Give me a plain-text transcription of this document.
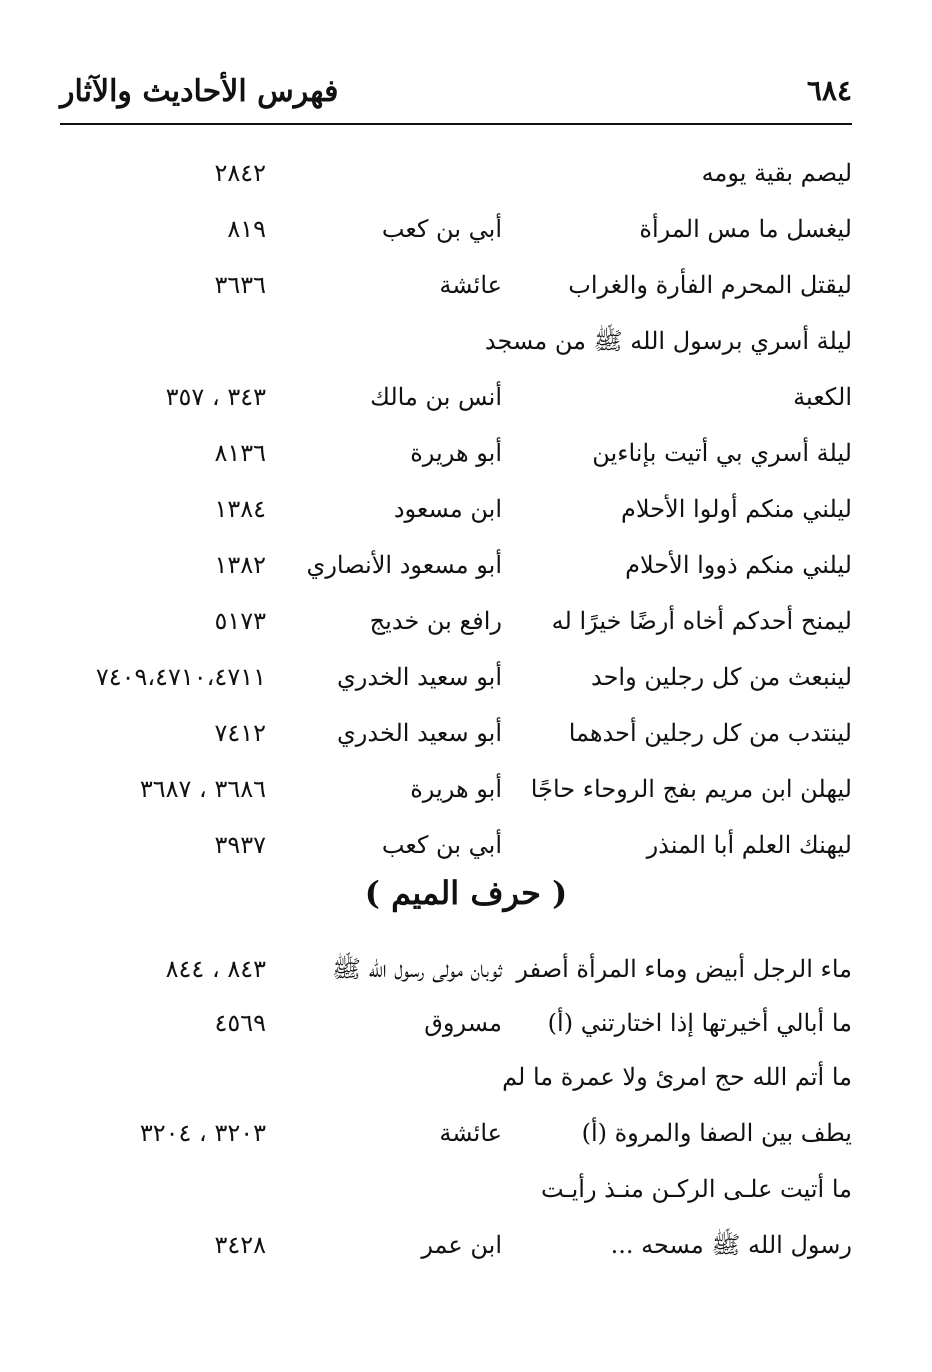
٦٨٤
فهرس الأحاديث والآثار
ليصم بقية يومه
٢٨٤٢
ليغسل ما مس المرأة
أبي بن كعب
٨١٩
ليقتل المحرم الفأرة والغراب
عائشة
٣٦٣٦
ليلة أسري برسول الله ﷺ من مسجد
الكعبة
أنس بن مالك
٣٤٣ ، ٣٥٧
ليلة أسري بي أتيت بإناءين
أبو هريرة
٨١٣٦
ليلني منكم أولوا الأحلام
ابن مسعود
١٣٨٤
ليلني منكم ذووا الأحلام
أبو مسعود الأنصاري
١٣٨٢
ليمنح أحدكم أخاه أرضًا خيرًا له
رافع بن خديج
٥١٧٣
لينبعث من كل رجلين واحد
أبو سعيد الخدري
٧٤٠٩،٤٧١٠،٤٧١١
لينتدب من كل رجلين أحدهما
أبو سعيد الخدري
٧٤١٢
ليهلن ابن مريم بفج الروحاء حاجًا
أبو هريرة
٣٦٨٦ ، ٣٦٨٧
ليهنك العلم أبا المنذر
أبي بن كعب
٣٩٣٧
( حرف الميم )
ماء الرجل أبيض وماء المرأة أصفر
ثوبان مولى رسول الله ﷺ
٨٤٣ ، ٨٤٤
ما أبالي أخيرتها إذا اختارتني (أ)
مسروق
٤٥٦٩
ما أتم الله حج امرئ ولا عمرة ما لم
يطف بين الصفا والمروة (أ)
عائشة
٣٢٠٣ ، ٣٢٠٤
ما أتيت علـى الركـن منـذ رأيـت
رسول الله ﷺ مسحه ...
ابن عمر
٣٤٢٨
